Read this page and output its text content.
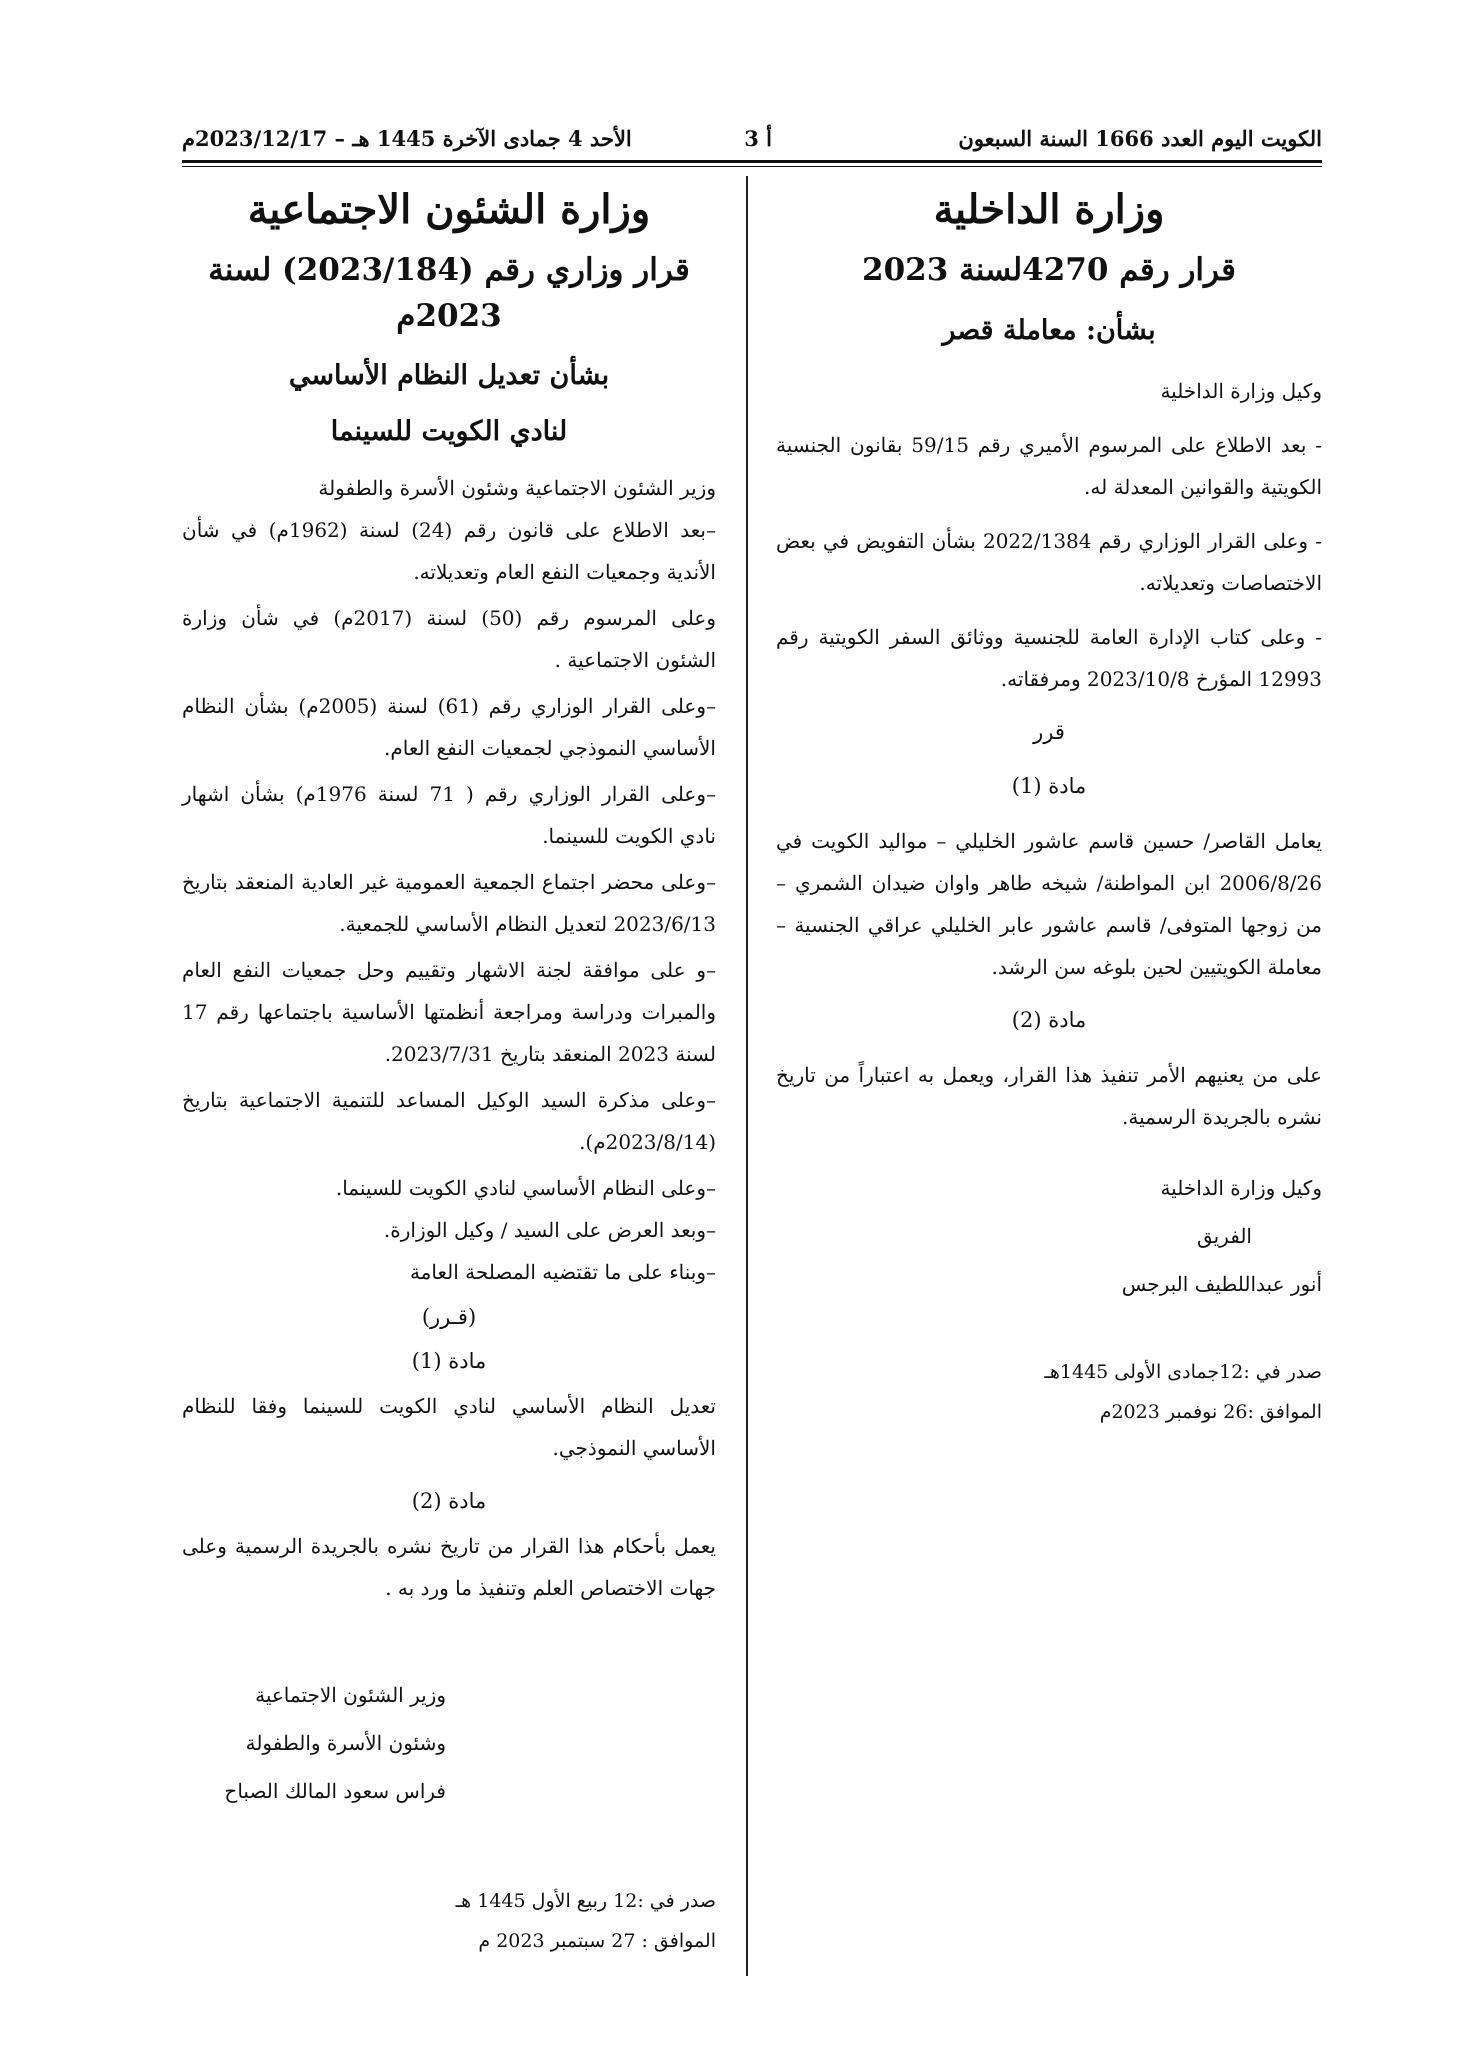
الكويت اليوم العدد 1666 السنة السبعون
أ 3
الأحد 4 جمادى الآخرة 1445 هـ – 2023/12/17م
وزارة الداخلية
قرار رقم 4270لسنة 2023
بشأن: معاملة قصر

وكيل وزارة الداخلية

- بعد الاطلاع على المرسوم الأميري رقم 59/15 بقانون الجنسية الكويتية والقوانين المعدلة له.

- وعلى القرار الوزاري رقم 2022/1384 بشأن التفويض في بعض الاختصاصات وتعديلاته.

- وعلى كتاب الإدارة العامة للجنسية ووثائق السفر الكويتية رقم 12993 المؤرخ 2023/10/8 ومرفقاته.

قرر
مادة (1)

يعامل القاصر/ حسين قاسم عاشور الخليلي – مواليد الكويت في 2006/8/26 ابن المواطنة/ شيخه طاهر واوان ضيدان الشمري – من زوجها المتوفى/ قاسم عاشور عابر الخليلي عراقي الجنسية – معاملة الكويتيين لحين بلوغه سن الرشد.

مادة (2)

على من يعنيهم الأمر تنفيذ هذا القرار، ويعمل به اعتباراً من تاريخ نشره بالجريدة الرسمية.

وكيل وزارة الداخلية

الفريق

أنور عبداللطيف البرجس

صدر في :12جمادى الأولى 1445هـ

الموافق :26 نوفمبر 2023م

وزارة الشئون الاجتماعية
قرار وزاري رقم (2023/184) لسنة 2023م
بشأن تعديل النظام الأساسي
لنادي الكويت للسينما

وزير الشئون الاجتماعية وشئون الأسرة والطفولة

–بعد الاطلاع على قانون رقم (24) لسنة (1962م) في شأن الأندية وجمعيات النفع العام وتعديلاته.

وعلى المرسوم رقم (50) لسنة (2017م) في شأن وزارة الشئون الاجتماعية .

–وعلى القرار الوزاري رقم (61) لسنة (2005م) بشأن النظام الأساسي النموذجي لجمعيات النفع العام.

–وعلى القرار الوزاري رقم ( 71 لسنة 1976م) بشأن اشهار نادي الكويت للسينما.

–وعلى محضر اجتماع الجمعية العمومية غير العادية المنعقد بتاريخ 2023/6/13 لتعديل النظام الأساسي للجمعية.

–و على موافقة لجنة الاشهار وتقييم وحل جمعيات النفع العام والمبرات ودراسة ومراجعة أنظمتها الأساسية باجتماعها رقم 17 لسنة 2023 المنعقد بتاريخ 2023/7/31.

–وعلى مذكرة السيد الوكيل المساعد للتنمية الاجتماعية بتاريخ (2023/8/14م).

–وعلى النظام الأساسي لنادي الكويت للسينما.

–وبعد العرض على السيد / وكيل الوزارة.

–وبناء على ما تقتضيه المصلحة العامة

(قـرر)
مادة (1)

تعديل النظام الأساسي لنادي الكويت للسينما وفقا للنظام الأساسي النموذجي.

مادة (2)

يعمل بأحكام هذا القرار من تاريخ نشره بالجريدة الرسمية وعلى جهات الاختصاص العلم وتنفيذ ما ورد به .

وزير الشئون الاجتماعية

وشئون الأسرة والطفولة

فراس سعود المالك الصباح

صدر في :12 ربيع الأول 1445 هـ

الموافق : 27 سبتمبر 2023 م
